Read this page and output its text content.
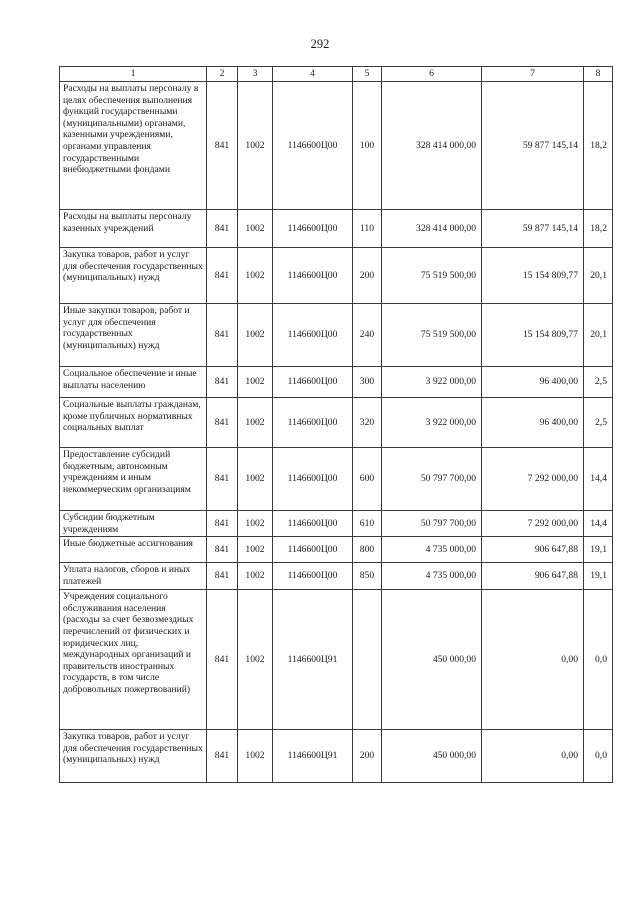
292
1	2	3	4	5	6	7	8
Расходы на выплаты персоналу в целях обеспечения выполнения функций государственными (муниципальными) органами, казенными учреждениями, органами управления государственными внебюджетными фондами	841	1002	1146600Ц00	100	328 414 000,00	59 877 145,14	18,2
Расходы на выплаты персоналу казенных учреждений	841	1002	1146600Ц00	110	328 414 000,00	59 877 145,14	18,2
Закупка товаров, работ и услуг для обеспечения государственных (муниципальных) нужд	841	1002	1146600Ц00	200	75 519 500,00	15 154 809,77	20,1
Иные закупки товаров, работ и услуг для обеспечения государственных (муниципальных) нужд	841	1002	1146600Ц00	240	75 519 500,00	15 154 809,77	20,1
Социальное обеспечение и иные выплаты населению	841	1002	1146600Ц00	300	3 922 000,00	96 400,00	2,5
Социальные выплаты гражданам, кроме публичных нормативных социальных выплат	841	1002	1146600Ц00	320	3 922 000,00	96 400,00	2,5
Предоставление субсидий бюджетным, автономным учреждениям и иным некоммерческим организациям	841	1002	1146600Ц00	600	50 797 700,00	7 292 000,00	14,4
Субсидии бюджетным учреждениям	841	1002	1146600Ц00	610	50 797 700,00	7 292 000,00	14,4
Иные бюджетные ассигнования	841	1002	1146600Ц00	800	4 735 000,00	906 647,88	19,1
Уплата налогов, сборов и иных платежей	841	1002	1146600Ц00	850	4 735 000,00	906 647,88	19,1
Учреждения социального обслуживания населения (расходы за счет безвозмездных перечислений от физических и юридических лиц, международных организаций и правительств иностранных государств, в том числе добровольных пожертвований)	841	1002	1146600Ц91		450 000,00	0,00	0,0
Закупка товаров, работ и услуг для обеспечения государственных (муниципальных) нужд	841	1002	1146600Ц91	200	450 000,00	0,00	0,0
